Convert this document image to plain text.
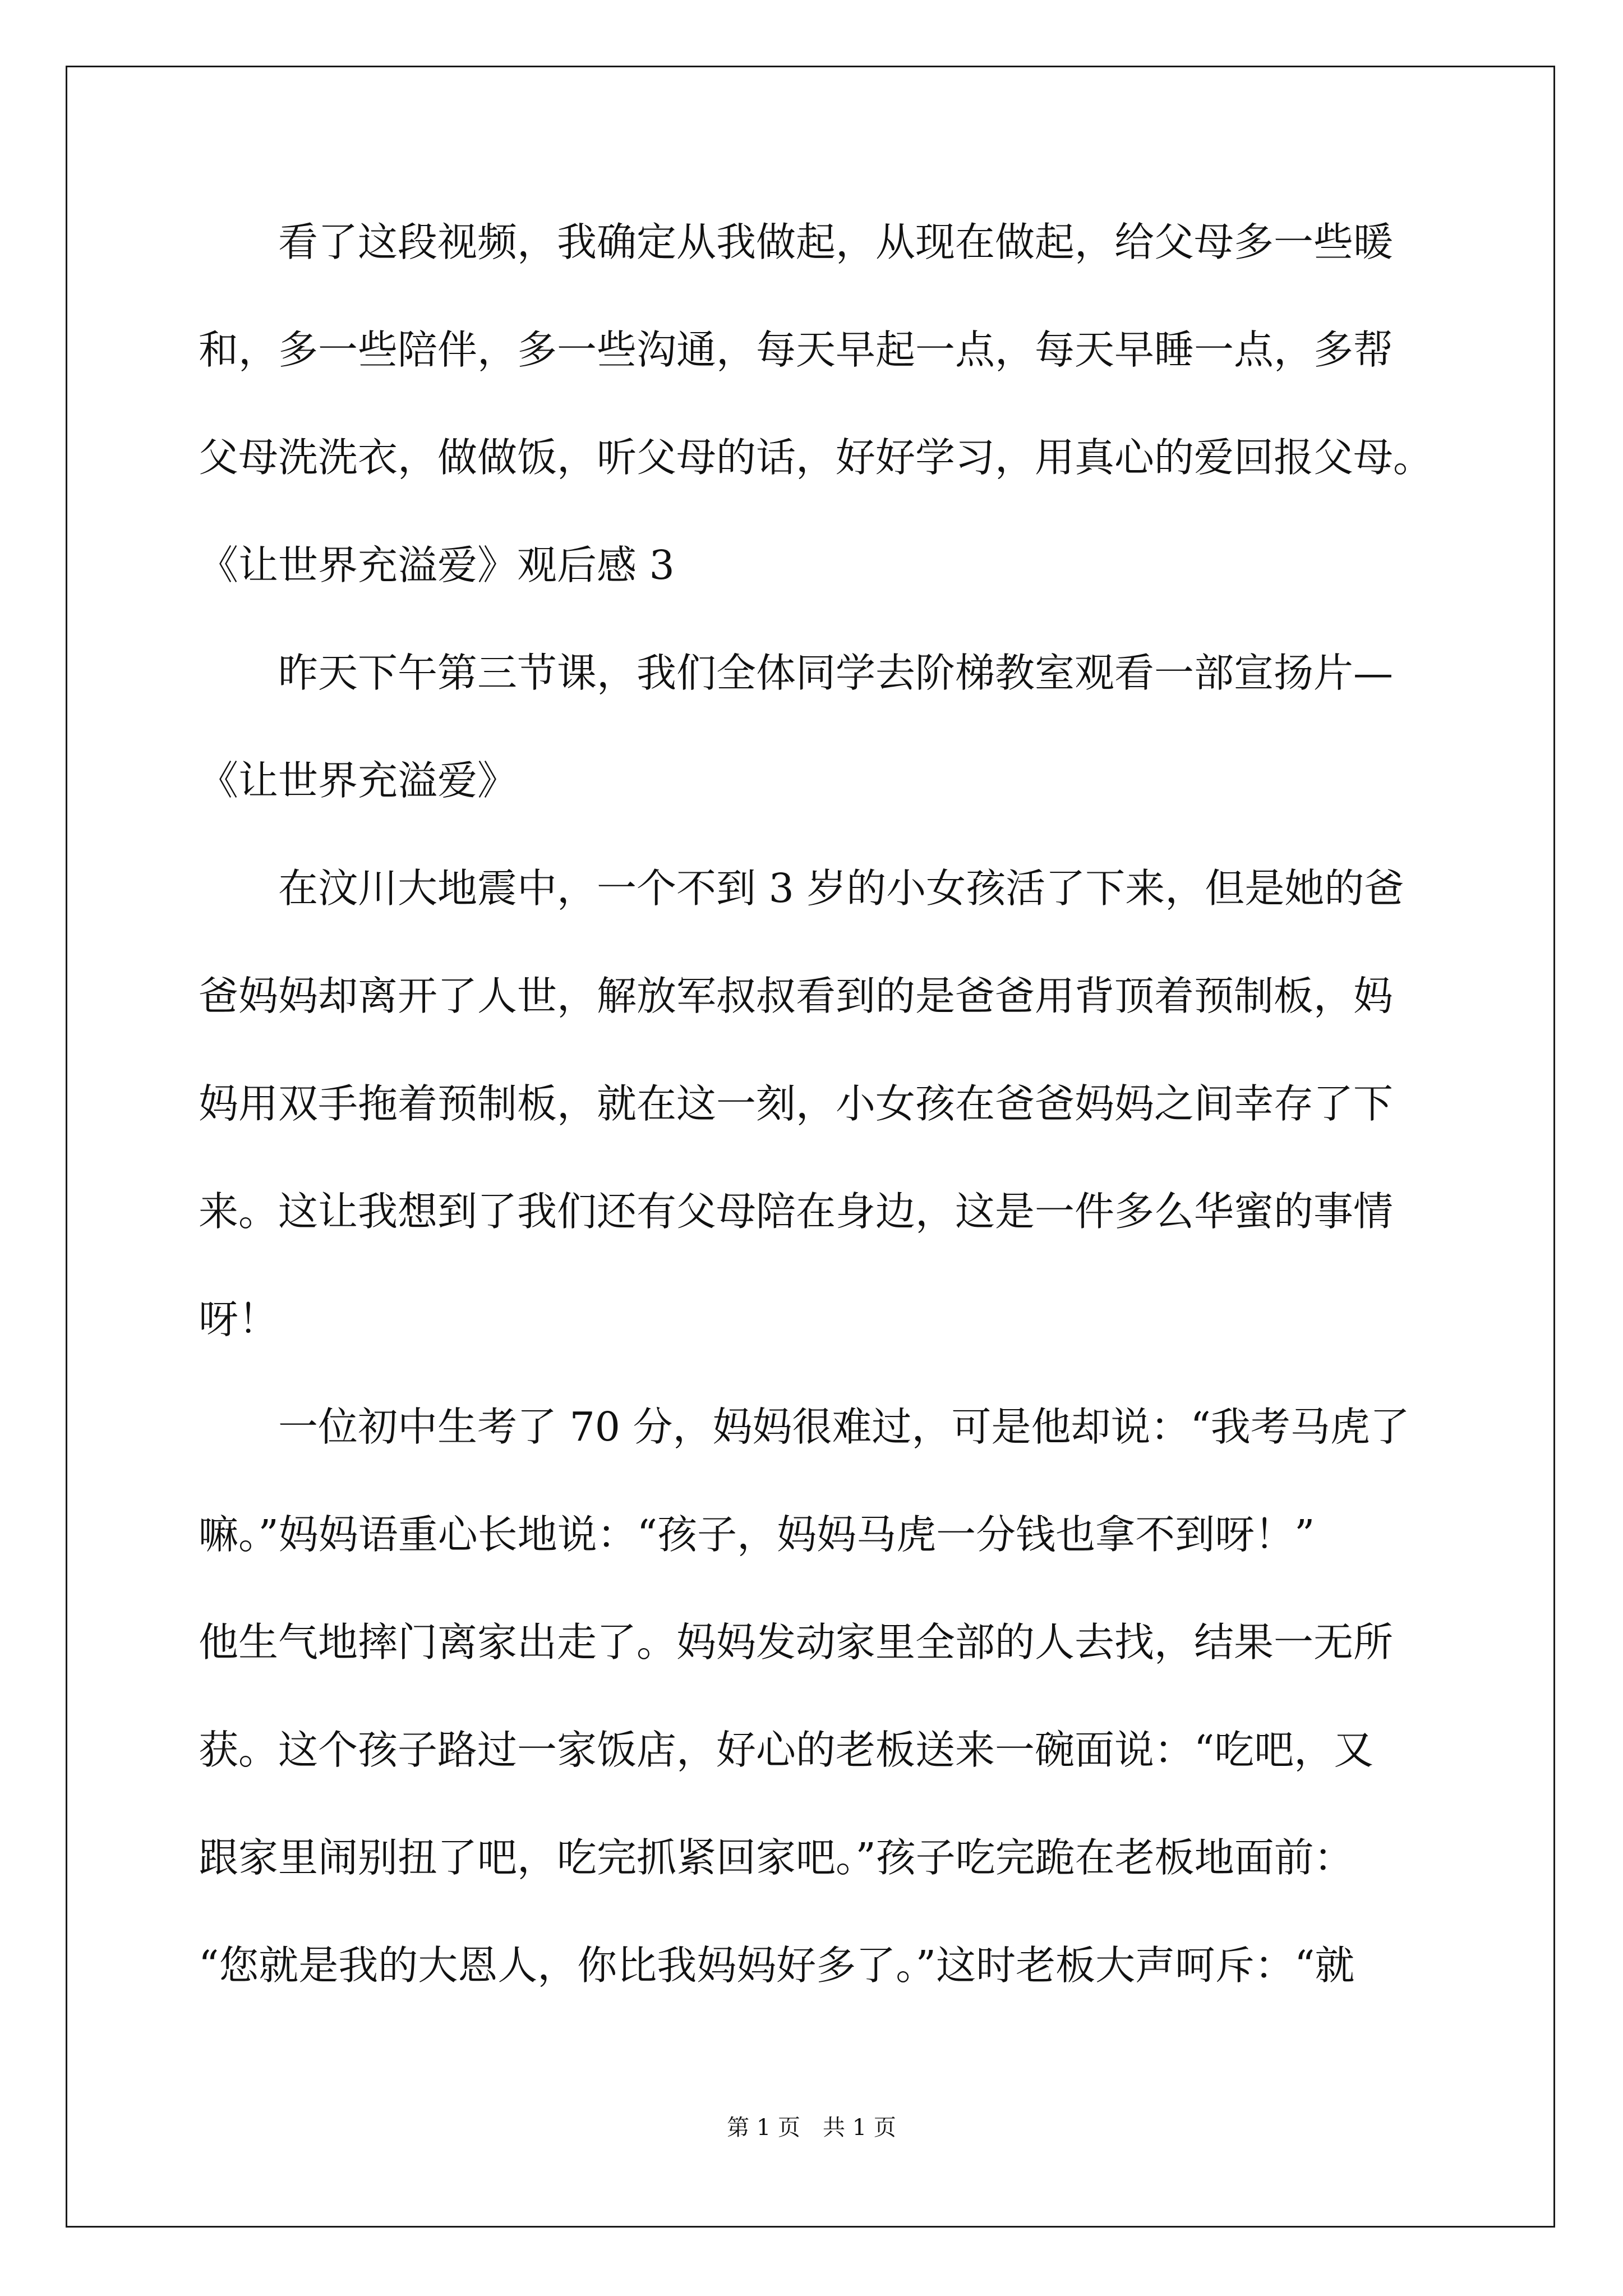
　　看了这段视频，我确定从我做起，从现在做起，给父母多一些暖
和，多一些陪伴，多一些沟通，每天早起一点，每天早睡一点，多帮
父母洗洗衣，做做饭，听父母的话，好好学习，用真心的爱回报父母。
《让世界充溢爱》观后感 3
　　昨天下午第三节课，我们全体同学去阶梯教室观看一部宣扬片—
《让世界充溢爱》
　　在汶川大地震中，一个不到 3 岁的小女孩活了下来，但是她的爸
爸妈妈却离开了人世，解放军叔叔看到的是爸爸用背顶着预制板，妈
妈用双手拖着预制板，就在这一刻，小女孩在爸爸妈妈之间幸存了下
来。这让我想到了我们还有父母陪在身边，这是一件多么华蜜的事情
呀！
　　一位初中生考了 70 分，妈妈很难过，可是他却说：“我考马虎了
嘛。”妈妈语重心长地说：“孩子，妈妈马虎一分钱也拿不到呀！”
他生气地摔门离家出走了。妈妈发动家里全部的人去找，结果一无所
获。这个孩子路过一家饭店，好心的老板送来一碗面说：“吃吧，又
跟家里闹别扭了吧，吃完抓紧回家吧。”孩子吃完跪在老板地面前：
“您就是我的大恩人，你比我妈妈好多了。”这时老板大声呵斥：“就
第 1 页　共 1 页
